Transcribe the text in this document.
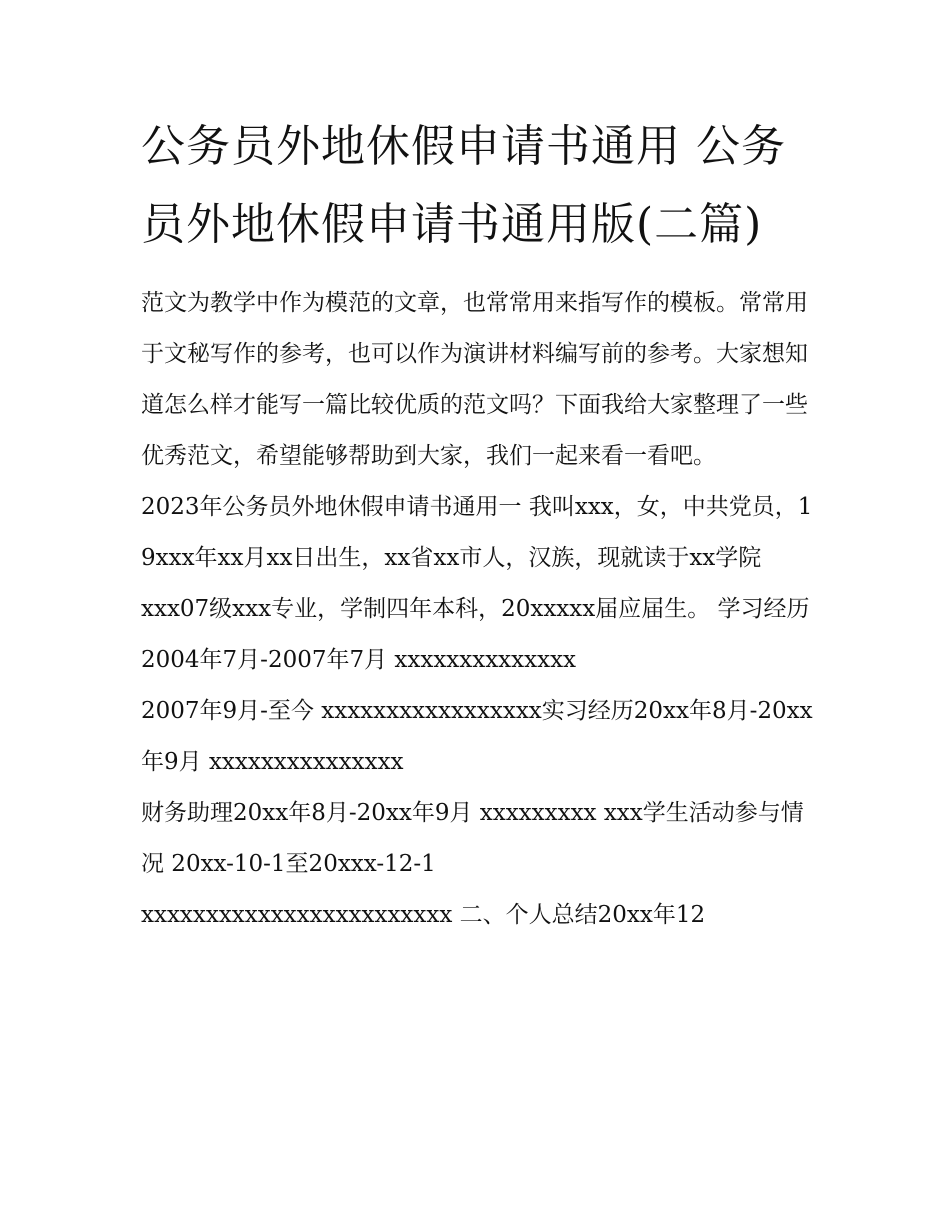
公务员外地休假申请书通用 公务员外地休假申请书通用版(二篇)

范文为教学中作为模范的文章，也常常用来指写作的模板。常常用于文秘写作的参考，也可以作为演讲材料编写前的参考。大家想知道怎么样才能写一篇比较优质的范文吗？下面我给大家整理了一些优秀范文，希望能够帮助到大家，我们一起来看一看吧。

2023年公务员外地休假申请书通用一 我叫xxx，女，中共党员，19xxx年xx月xx日出生，xx省xx市人，汉族，现就读于xx学院

xxx07级xxx专业，学制四年本科，20xxxxx届应届生。 学习经历2004年7月-2007年7月 xxxxxxxxxxxxxx

2007年9月-至今 xxxxxxxxxxxxxxxxx实习经历20xx年8月-20xx年9月 xxxxxxxxxxxxxxx

财务助理20xx年8月-20xx年9月 xxxxxxxxx xxx学生活动参与情况 20xx-10-1至20xxx-12-1

xxxxxxxxxxxxxxxxxxxxxxxx 二、个人总结20xx年12
